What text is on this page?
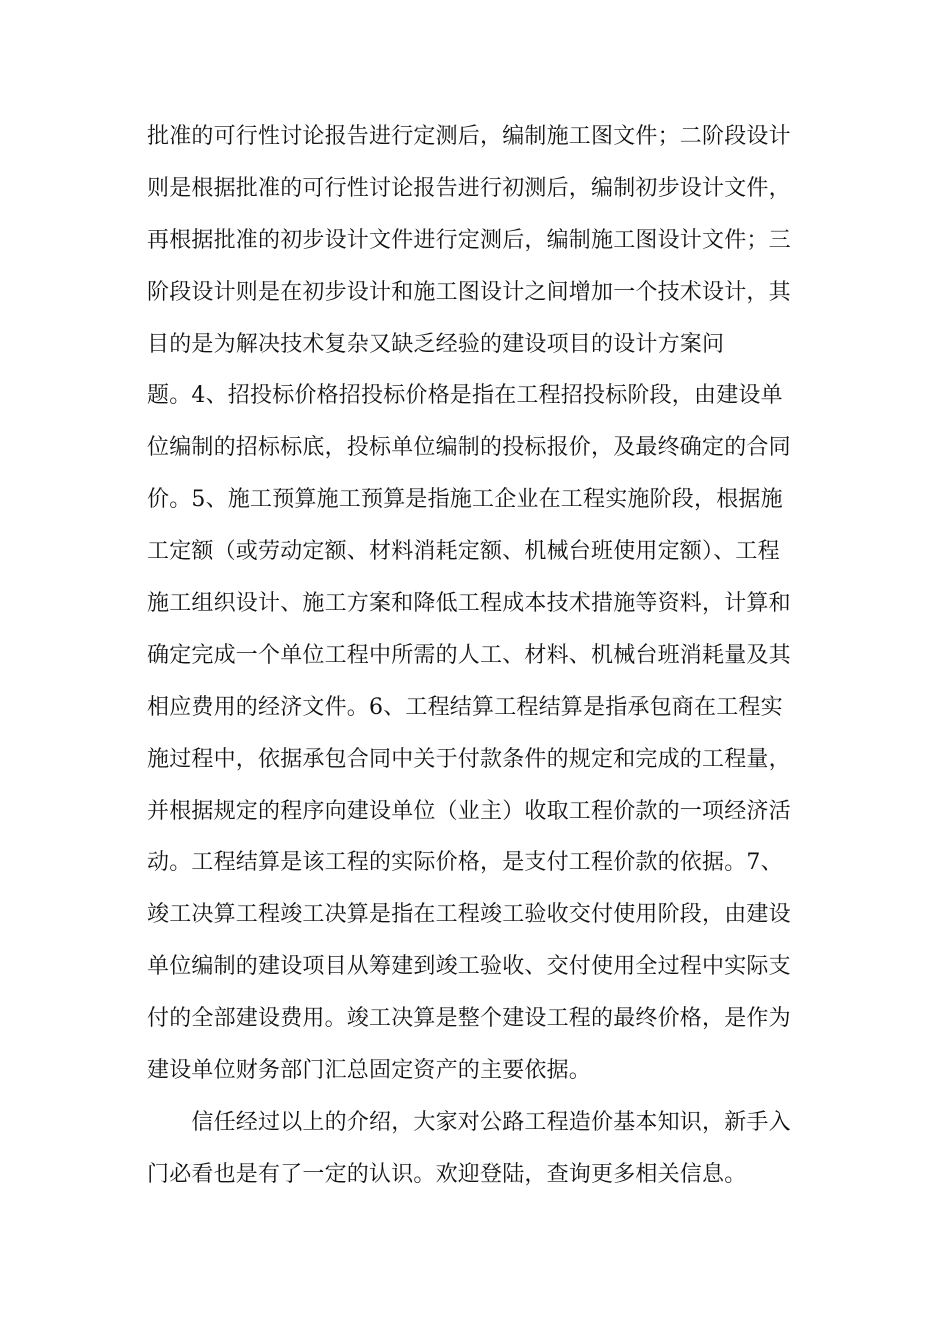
批准的可行性讨论报告进行定测后，编制施工图文件；二阶段设计
则是根据批准的可行性讨论报告进行初测后，编制初步设计文件，
再根据批准的初步设计文件进行定测后，编制施工图设计文件；三
阶段设计则是在初步设计和施工图设计之间增加一个技术设计，其
目的是为解决技术复杂又缺乏经验的建设项目的设计方案问
题。4、招投标价格招投标价格是指在工程招投标阶段，由建设单
位编制的招标标底，投标单位编制的投标报价，及最终确定的合同
价。5、施工预算施工预算是指施工企业在工程实施阶段，根据施
工定额（或劳动定额、材料消耗定额、机械台班使用定额）、工程
施工组织设计、施工方案和降低工程成本技术措施等资料，计算和
确定完成一个单位工程中所需的人工、材料、机械台班消耗量及其
相应费用的经济文件。6、工程结算工程结算是指承包商在工程实
施过程中，依据承包合同中关于付款条件的规定和完成的工程量，
并根据规定的程序向建设单位（业主）收取工程价款的一项经济活
动。工程结算是该工程的实际价格，是支付工程价款的依据。7、
竣工决算工程竣工决算是指在工程竣工验收交付使用阶段，由建设
单位编制的建设项目从筹建到竣工验收、交付使用全过程中实际支
付的全部建设费用。竣工决算是整个建设工程的最终价格，是作为
建设单位财务部门汇总固定资产的主要依据。
　　信任经过以上的介绍，大家对公路工程造价基本知识，新手入
门必看也是有了一定的认识。欢迎登陆，查询更多相关信息。
